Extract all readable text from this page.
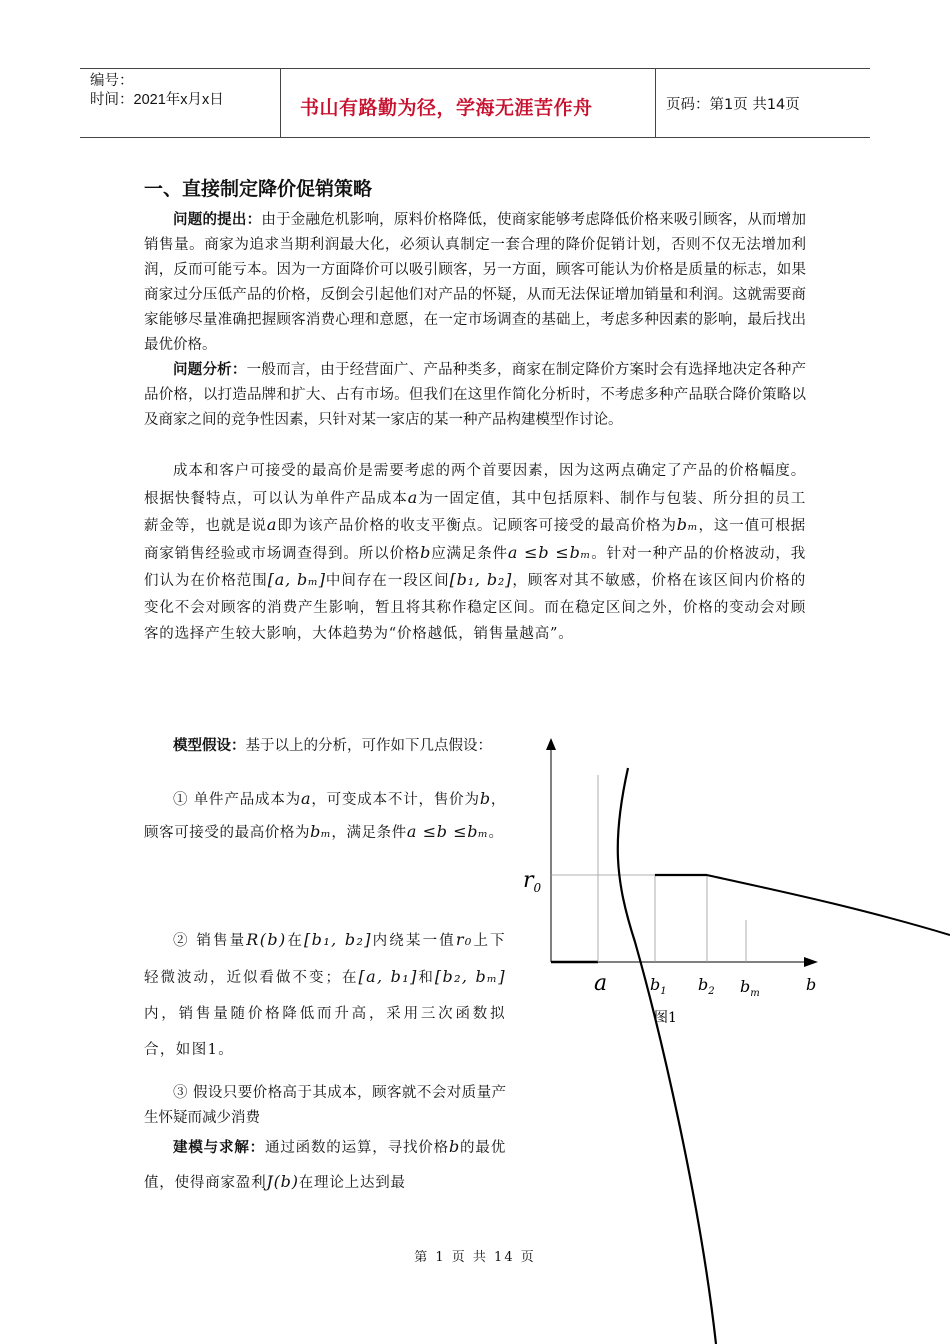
编号：
时间：2021年x月x日	书山有路勤为径，学海无涯苦作舟	页码：第1页 共14页
一、直接制定降价促销策略
问题的提出：由于金融危机影响，原料价格降低，使商家能够考虑降低价格来吸引顾客，从而增加销售量。商家为追求当期利润最大化，必须认真制定一套合理的降价促销计划，否则不仅无法增加利润，反而可能亏本。因为一方面降价可以吸引顾客，另一方面，顾客可能认为价格是质量的标志，如果商家过分压低产品的价格，反倒会引起他们对产品的怀疑，从而无法保证增加销量和利润。这就需要商家能够尽量准确把握顾客消费心理和意愿，在一定市场调查的基础上，考虑多种因素的影响，最后找出最优价格。
问题分析：一般而言，由于经营面广、产品种类多，商家在制定降价方案时会有选择地决定各种产品价格，以打造品牌和扩大、占有市场。但我们在这里作简化分析时，不考虑多种产品联合降价策略以及商家之间的竞争性因素，只针对某一家店的某一种产品构建模型作讨论。
成本和客户可接受的最高价是需要考虑的两个首要因素，因为这两点确定了产品的价格幅度。根据快餐特点，可以认为单件产品成本a为一固定值，其中包括原料、制作与包装、所分担的员工薪金等，也就是说a即为该产品价格的收支平衡点。记顾客可接受的最高价格为bₘ，这一值可根据商家销售经验或市场调查得到。所以价格b应满足条件a ≤b ≤bₘ。针对一种产品的价格波动，我们认为在价格范围[a, bₘ]中间存在一段区间[b₁, b₂]，顾客对其不敏感，价格在该区间内价格的变化不会对顾客的消费产生影响，暂且将其称作稳定区间。而在稳定区间之外，价格的变动会对顾客的选择产生较大影响，大体趋势为“价格越低，销售量越高”。
模型假设：基于以上的分析，可作如下几点假设：
① 单件产品成本为a，可变成本不计，售价为b，顾客可接受的最高价格为bₘ，满足条件a ≤b ≤bₘ。
② 销售量R(b)在[b₁, b₂]内绕某一值r₀上下轻微波动，近似看做不变；在[a, b₁]和[b₂, bₘ]内，销售量随价格降低而升高，采用三次函数拟合，如图1。
③ 假设只要价格高于其成本，顾客就不会对质量产生怀疑而减少消费
建模与求解：通过函数的运算，寻找价格b的最优值，使得商家盈利J(b)在理论上达到最
$r_0$
a	$b_1$ $b_2$ $b_m$	b
图1
第 1 页 共 14 页
